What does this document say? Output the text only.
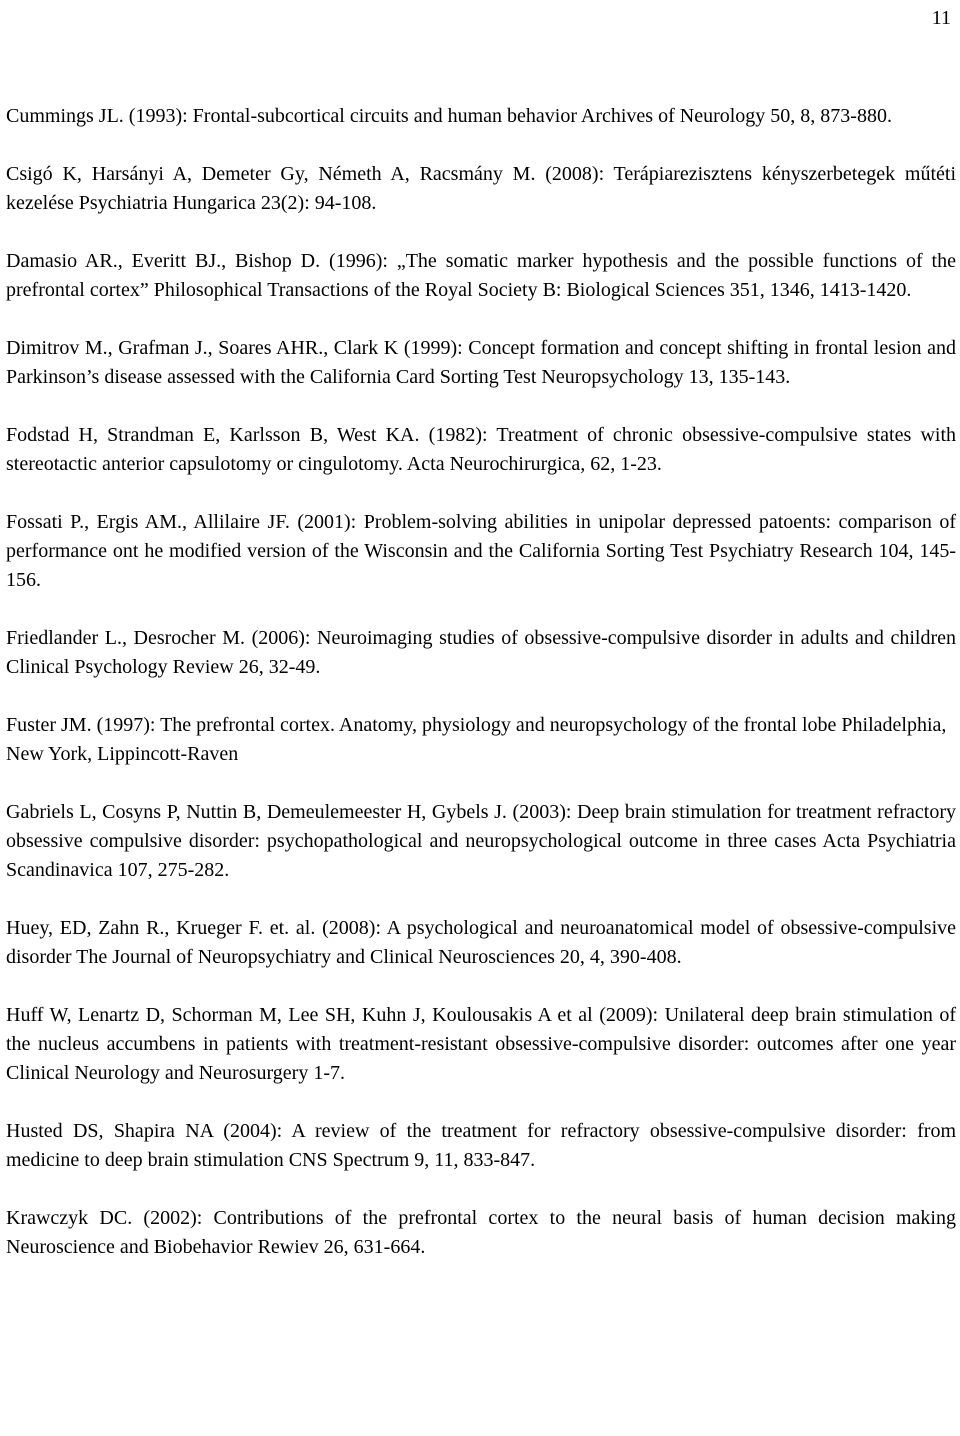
11

Cummings JL. (1993): Frontal-subcortical circuits and human behavior Archives of Neurology 50, 8, 873-880.

Csigó K, Harsányi A, Demeter Gy, Németh A, Racsmány M. (2008): Terápiarezisztens kényszerbetegek műtéti kezelése Psychiatria Hungarica 23(2): 94-108.

Damasio AR., Everitt BJ., Bishop D. (1996): „The somatic marker hypothesis and the possible functions of the prefrontal cortex” Philosophical Transactions of the Royal Society B: Biological Sciences 351, 1346, 1413-1420.

Dimitrov M., Grafman J., Soares AHR., Clark K (1999): Concept formation and concept shifting in frontal lesion and Parkinson’s disease assessed with the California Card Sorting Test Neuropsychology 13, 135-143.

Fodstad H, Strandman E, Karlsson B, West KA. (1982): Treatment of chronic obsessive-compulsive states with stereotactic anterior capsulotomy or cingulotomy. Acta Neurochirurgica, 62, 1-23.

Fossati P., Ergis AM., Allilaire JF. (2001): Problem-solving abilities in unipolar depressed patoents: comparison of performance ont he modified version of the Wisconsin and the California Sorting Test Psychiatry Research 104, 145-156.

Friedlander L., Desrocher M. (2006): Neuroimaging studies of obsessive-compulsive disorder in adults and children Clinical Psychology Review 26, 32-49.

Fuster JM. (1997): The prefrontal cortex. Anatomy, physiology and neuropsychology of the frontal lobe Philadelphia, New York, Lippincott-Raven

Gabriels L, Cosyns P, Nuttin B, Demeulemeester H, Gybels J. (2003): Deep brain stimulation for treatment refractory obsessive compulsive disorder: psychopathological and neuropsychological outcome in three cases Acta Psychiatria Scandinavica 107, 275-282.

Huey, ED, Zahn R., Krueger F. et. al. (2008): A psychological and neuroanatomical model of obsessive-compulsive disorder The Journal of Neuropsychiatry and Clinical Neurosciences 20, 4, 390-408.

Huff W, Lenartz D, Schorman M, Lee SH, Kuhn J, Koulousakis A et al (2009): Unilateral deep brain stimulation of the nucleus accumbens in patients with treatment-resistant obsessive-compulsive disorder: outcomes after one year Clinical Neurology and Neurosurgery 1-7.

Husted DS, Shapira NA (2004): A review of the treatment for refractory obsessive-compulsive disorder: from medicine to deep brain stimulation CNS Spectrum 9, 11, 833-847.

Krawczyk DC. (2002): Contributions of the prefrontal cortex to the neural basis of human decision making Neuroscience and Biobehavior Rewiev 26, 631-664.
